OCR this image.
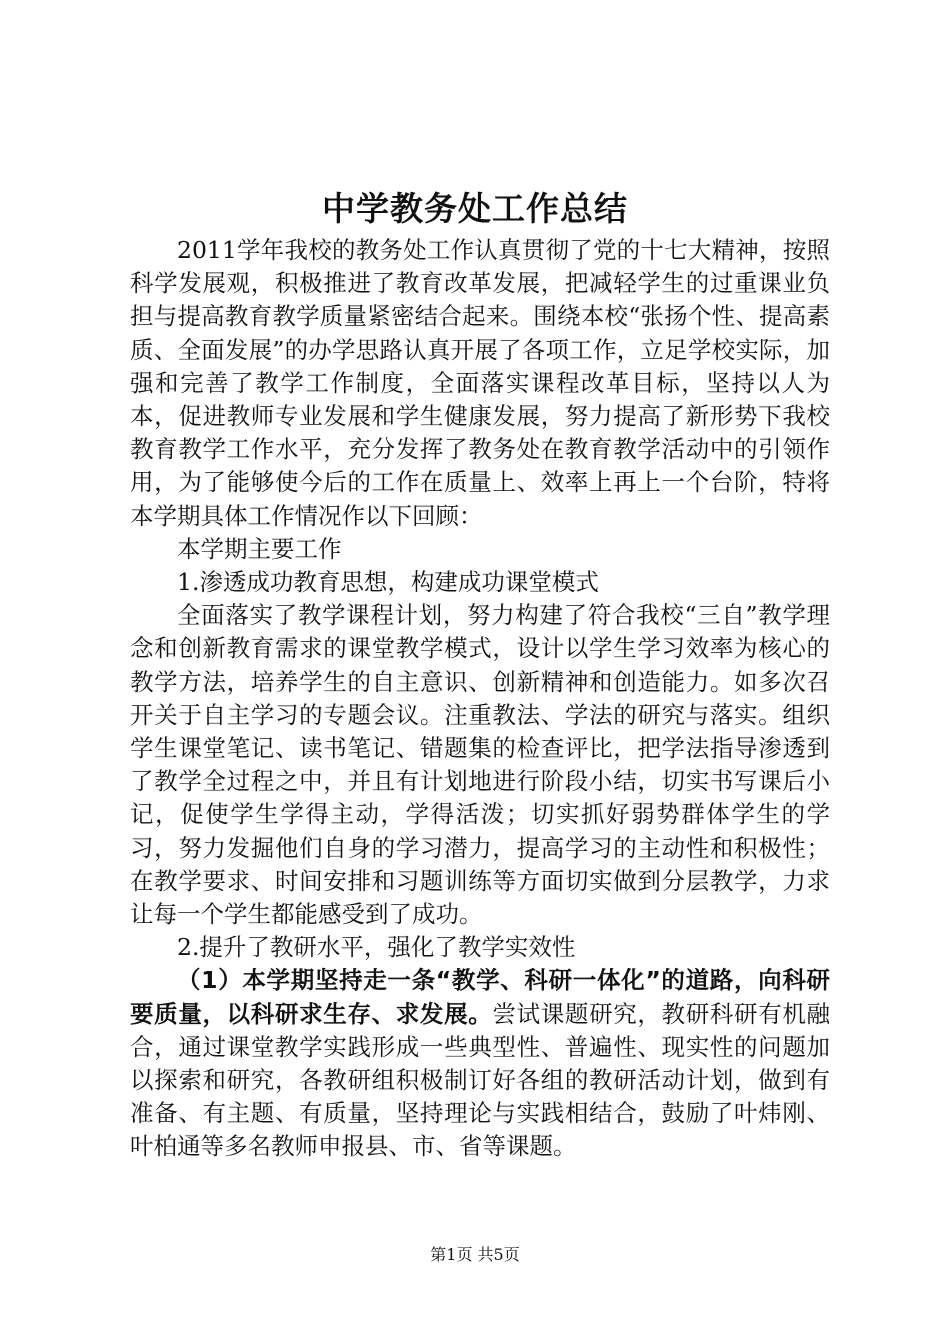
中学教务处工作总结

2011学年我校的教务处工作认真贯彻了党的十七大精神，按照科学发展观，积极推进了教育改革发展，把减轻学生的过重课业负担与提高教育教学质量紧密结合起来。围绕本校“张扬个性、提高素质、全面发展”的办学思路认真开展了各项工作，立足学校实际，加强和完善了教学工作制度，全面落实课程改革目标，坚持以人为本，促进教师专业发展和学生健康发展，努力提高了新形势下我校教育教学工作水平，充分发挥了教务处在教育教学活动中的引领作用，为了能够使今后的工作在质量上、效率上再上一个台阶，特将本学期具体工作情况作以下回顾：

本学期主要工作

1.渗透成功教育思想，构建成功课堂模式

全面落实了教学课程计划，努力构建了符合我校“三自”教学理念和创新教育需求的课堂教学模式，设计以学生学习效率为核心的教学方法，培养学生的自主意识、创新精神和创造能力。如多次召开关于自主学习的专题会议。注重教法、学法的研究与落实。组织学生课堂笔记、读书笔记、错题集的检查评比，把学法指导渗透到了教学全过程之中，并且有计划地进行阶段小结，切实书写课后小记，促使学生学得主动，学得活泼；切实抓好弱势群体学生的学习，努力发掘他们自身的学习潜力，提高学习的主动性和积极性；在教学要求、时间安排和习题训练等方面切实做到分层教学，力求让每一个学生都能感受到了成功。

2.提升了教研水平，强化了教学实效性

（1）本学期坚持走一条“教学、科研一体化”的道路，向科研要质量，以科研求生存、求发展。尝试课题研究，教研科研有机融合，通过课堂教学实践形成一些典型性、普遍性、现实性的问题加以探索和研究，各教研组积极制订好各组的教研活动计划，做到有准备、有主题、有质量，坚持理论与实践相结合，鼓励了叶炜刚、叶柏通等多名教师申报县、市、省等课题。

第1页 共5页
